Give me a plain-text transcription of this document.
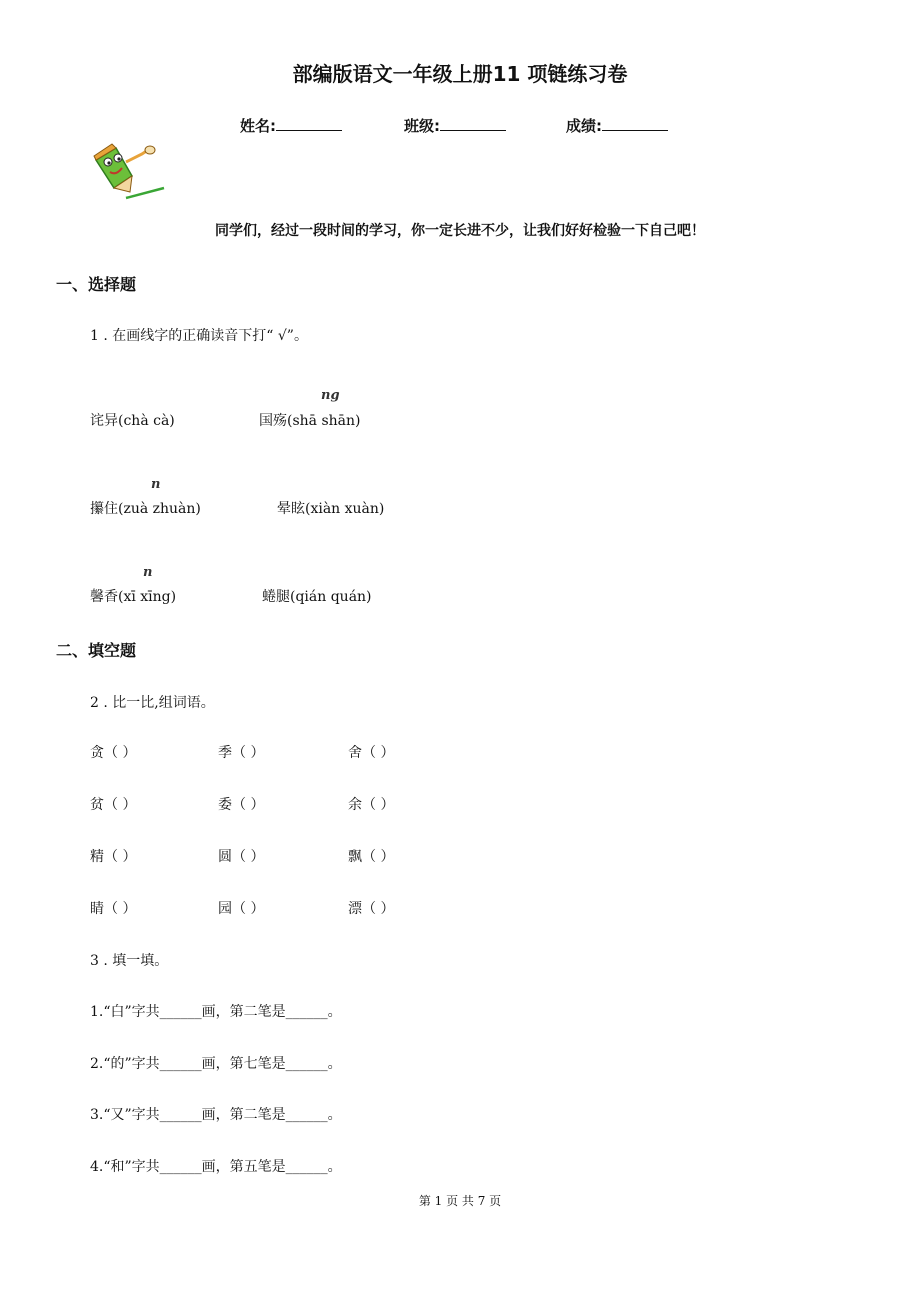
部编版语文一年级上册11 项链练习卷
姓名:	班级:	成绩:
同学们，经过一段时间的学习，你一定长进不少，让我们好好检验一下自己吧！
一、选择题
1 . 在画线字的正确读音下打“ √”。
ng
诧异(chà cà)	国殇(shā shān)
n
攥住(zuà zhuàn)	晕眩(xiàn xuàn)
n
馨香(xī xīng)	蜷腿(qián quán)
二、填空题
2 . 比一比,组词语。
贪（ ）	季（ ）	舍（ ）
贫（ ）	委（ ）	余（ ）
精（ ）	圆（ ）	飘（ ）
睛（ ）	园（ ）	漂（ ）
3 . 填一填。
1.“白”字共______画，第二笔是______。
2.“的”字共______画，第七笔是______。
3.“又”字共______画，第二笔是______。
4.“和”字共______画，第五笔是______。
第 1 页 共 7 页
